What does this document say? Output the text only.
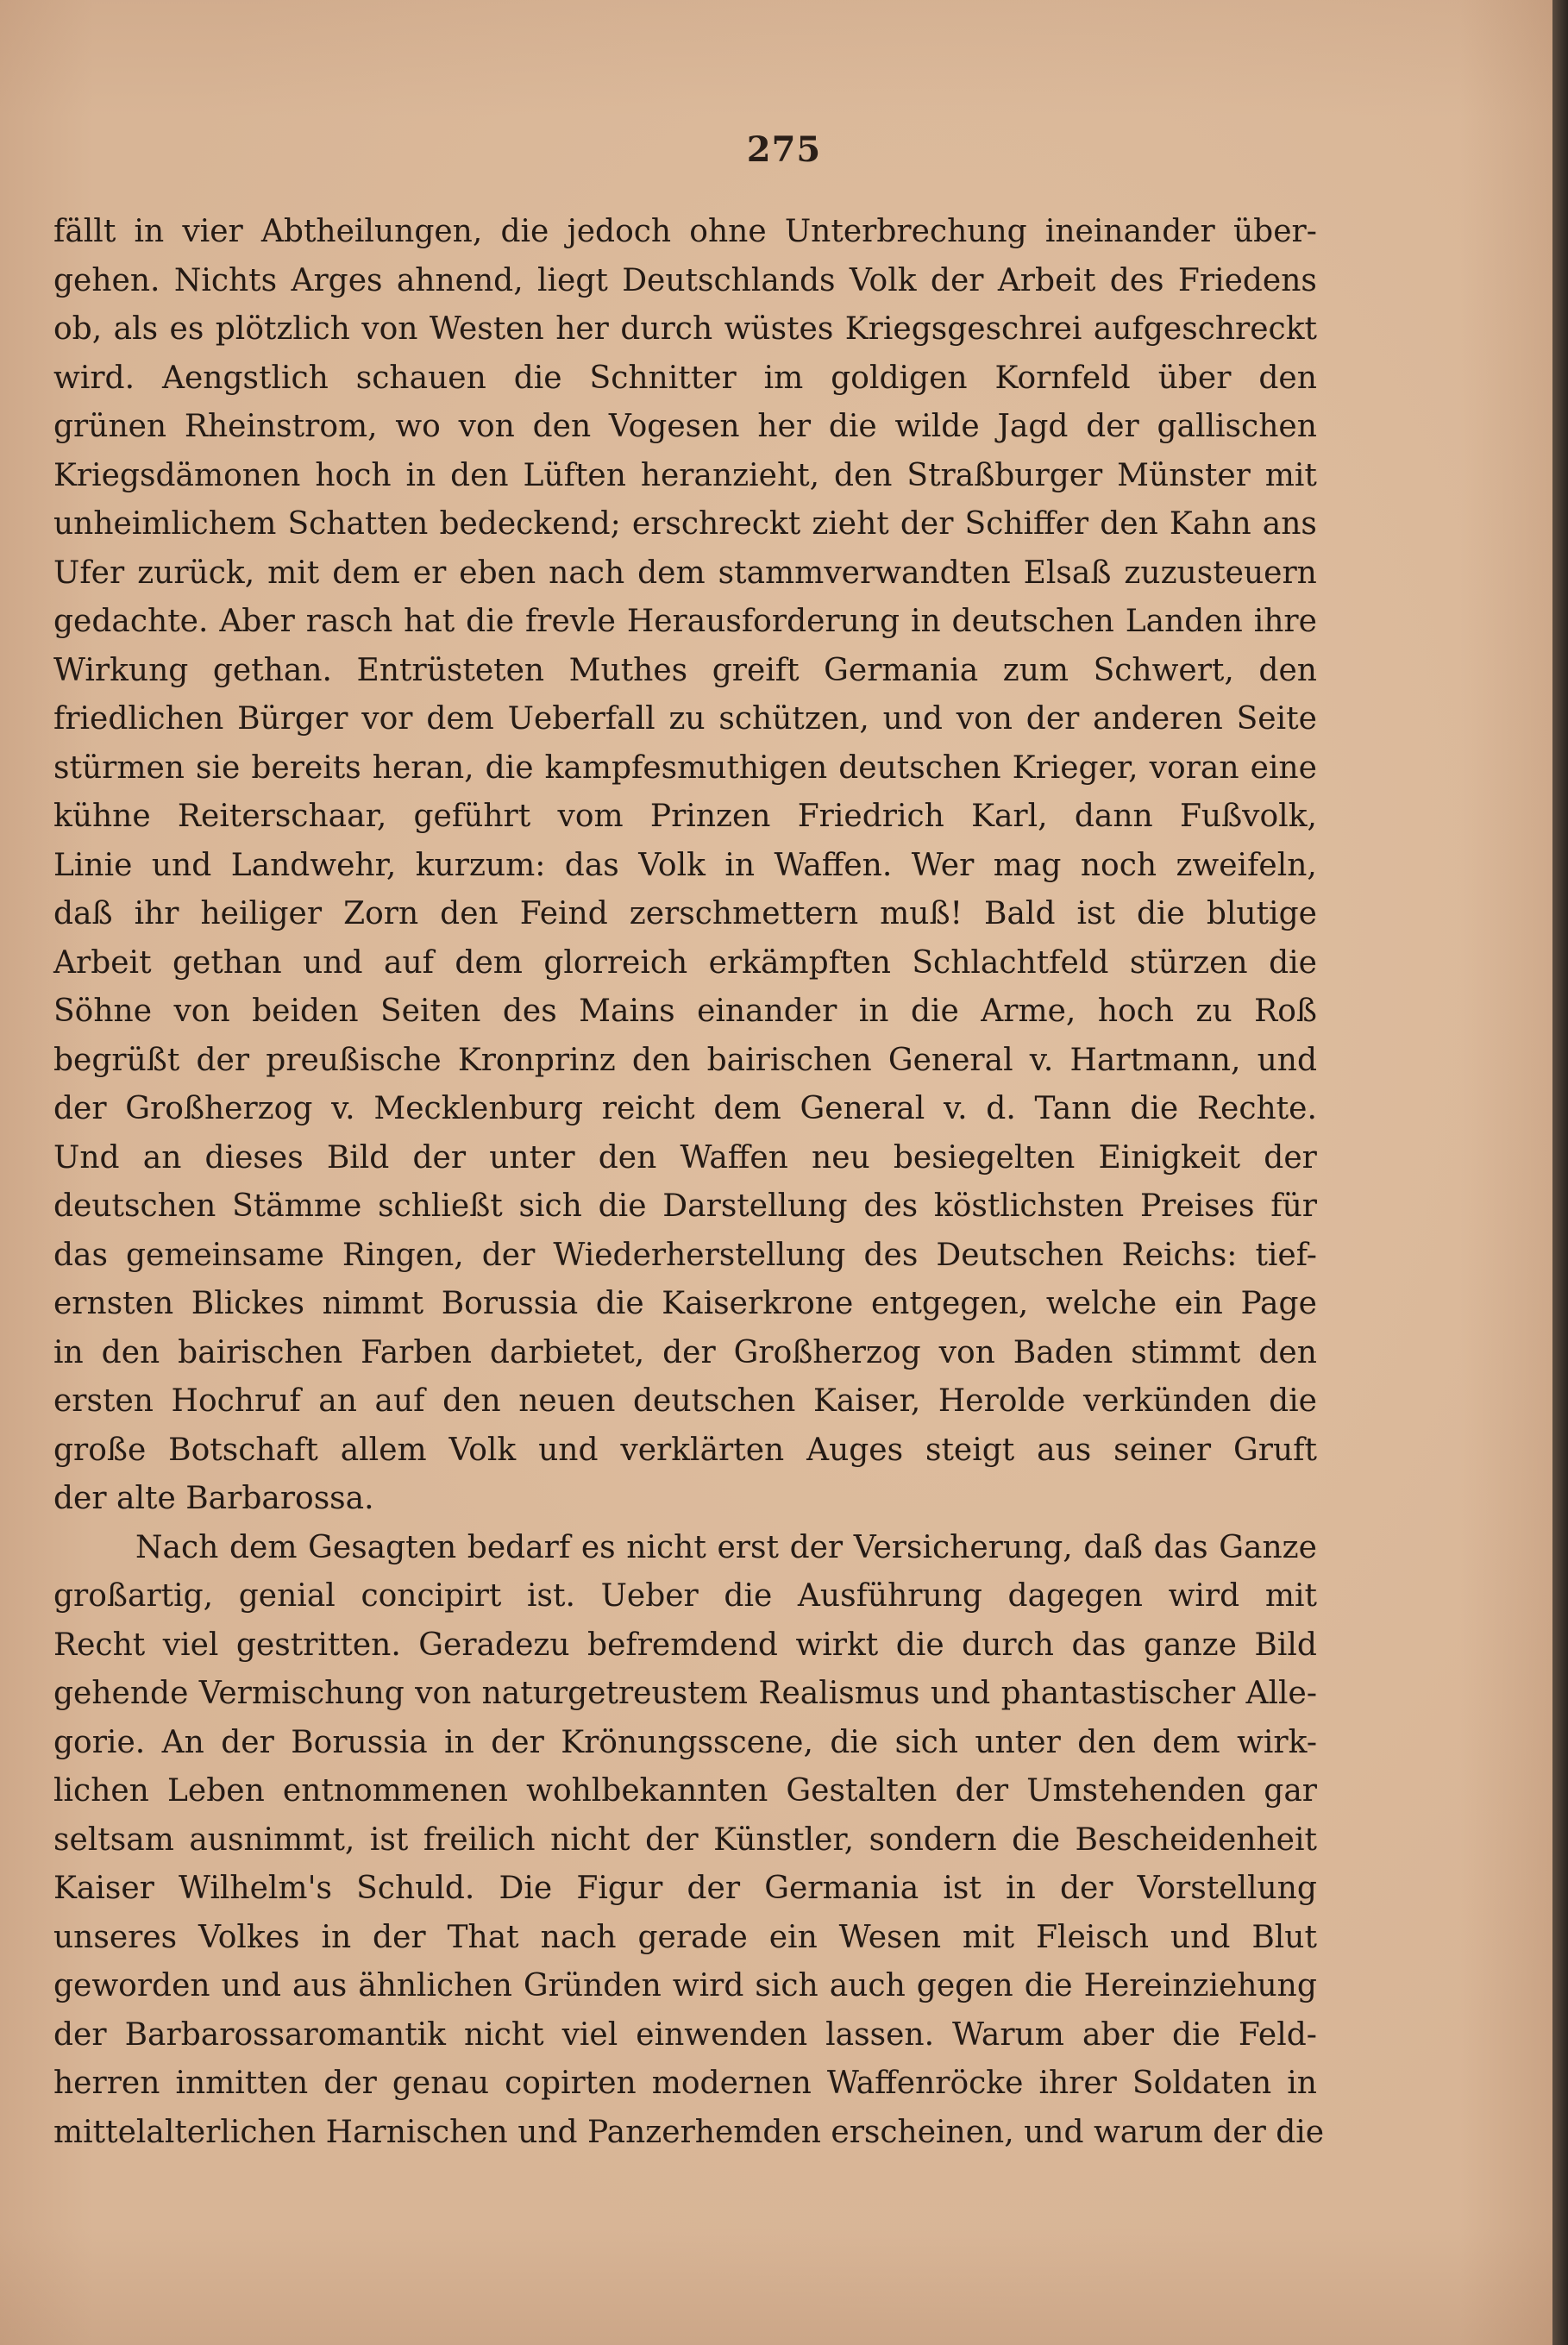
275
fällt in vier Abtheilungen, die jedoch ohne Unterbrechung ineinander über-
gehen. Nichts Arges ahnend, liegt Deutschlands Volk der Arbeit des Friedens
ob, als es plötzlich von Westen her durch wüstes Kriegsgeschrei aufgeschreckt
wird. Aengstlich schauen die Schnitter im goldigen Kornfeld über den
grünen Rheinstrom, wo von den Vogesen her die wilde Jagd der gallischen
Kriegsdämonen hoch in den Lüften heranzieht, den Straßburger Münster mit
unheimlichem Schatten bedeckend; erschreckt zieht der Schiffer den Kahn ans
Ufer zurück, mit dem er eben nach dem stammverwandten Elsaß zuzusteuern
gedachte. Aber rasch hat die frevle Herausforderung in deutschen Landen ihre
Wirkung gethan. Entrüsteten Muthes greift Germania zum Schwert, den
friedlichen Bürger vor dem Ueberfall zu schützen, und von der anderen Seite
stürmen sie bereits heran, die kampfesmuthigen deutschen Krieger, voran eine
kühne Reiterschaar, geführt vom Prinzen Friedrich Karl, dann Fußvolk,
Linie und Landwehr, kurzum: das Volk in Waffen. Wer mag noch zweifeln,
daß ihr heiliger Zorn den Feind zerschmettern muß! Bald ist die blutige
Arbeit gethan und auf dem glorreich erkämpften Schlachtfeld stürzen die
Söhne von beiden Seiten des Mains einander in die Arme, hoch zu Roß
begrüßt der preußische Kronprinz den bairischen General v. Hartmann, und
der Großherzog v. Mecklenburg reicht dem General v. d. Tann die Rechte.
Und an dieses Bild der unter den Waffen neu besiegelten Einigkeit der
deutschen Stämme schließt sich die Darstellung des köstlichsten Preises für
das gemeinsame Ringen, der Wiederherstellung des Deutschen Reichs: tief-
ernsten Blickes nimmt Borussia die Kaiserkrone entgegen, welche ein Page
in den bairischen Farben darbietet, der Großherzog von Baden stimmt den
ersten Hochruf an auf den neuen deutschen Kaiser, Herolde verkünden die
große Botschaft allem Volk und verklärten Auges steigt aus seiner Gruft
der alte Barbarossa.
Nach dem Gesagten bedarf es nicht erst der Versicherung, daß das Ganze
großartig, genial concipirt ist. Ueber die Ausführung dagegen wird mit
Recht viel gestritten. Geradezu befremdend wirkt die durch das ganze Bild
gehende Vermischung von naturgetreustem Realismus und phantastischer Alle-
gorie. An der Borussia in der Krönungsscene, die sich unter den dem wirk-
lichen Leben entnommenen wohlbekannten Gestalten der Umstehenden gar
seltsam ausnimmt, ist freilich nicht der Künstler, sondern die Bescheidenheit
Kaiser Wilhelm's Schuld. Die Figur der Germania ist in der Vorstellung
unseres Volkes in der That nach gerade ein Wesen mit Fleisch und Blut
geworden und aus ähnlichen Gründen wird sich auch gegen die Hereinziehung
der Barbarossaromantik nicht viel einwenden lassen. Warum aber die Feld-
herren inmitten der genau copirten modernen Waffenröcke ihrer Soldaten in
mittelalterlichen Harnischen und Panzerhemden erscheinen, und warum der die
